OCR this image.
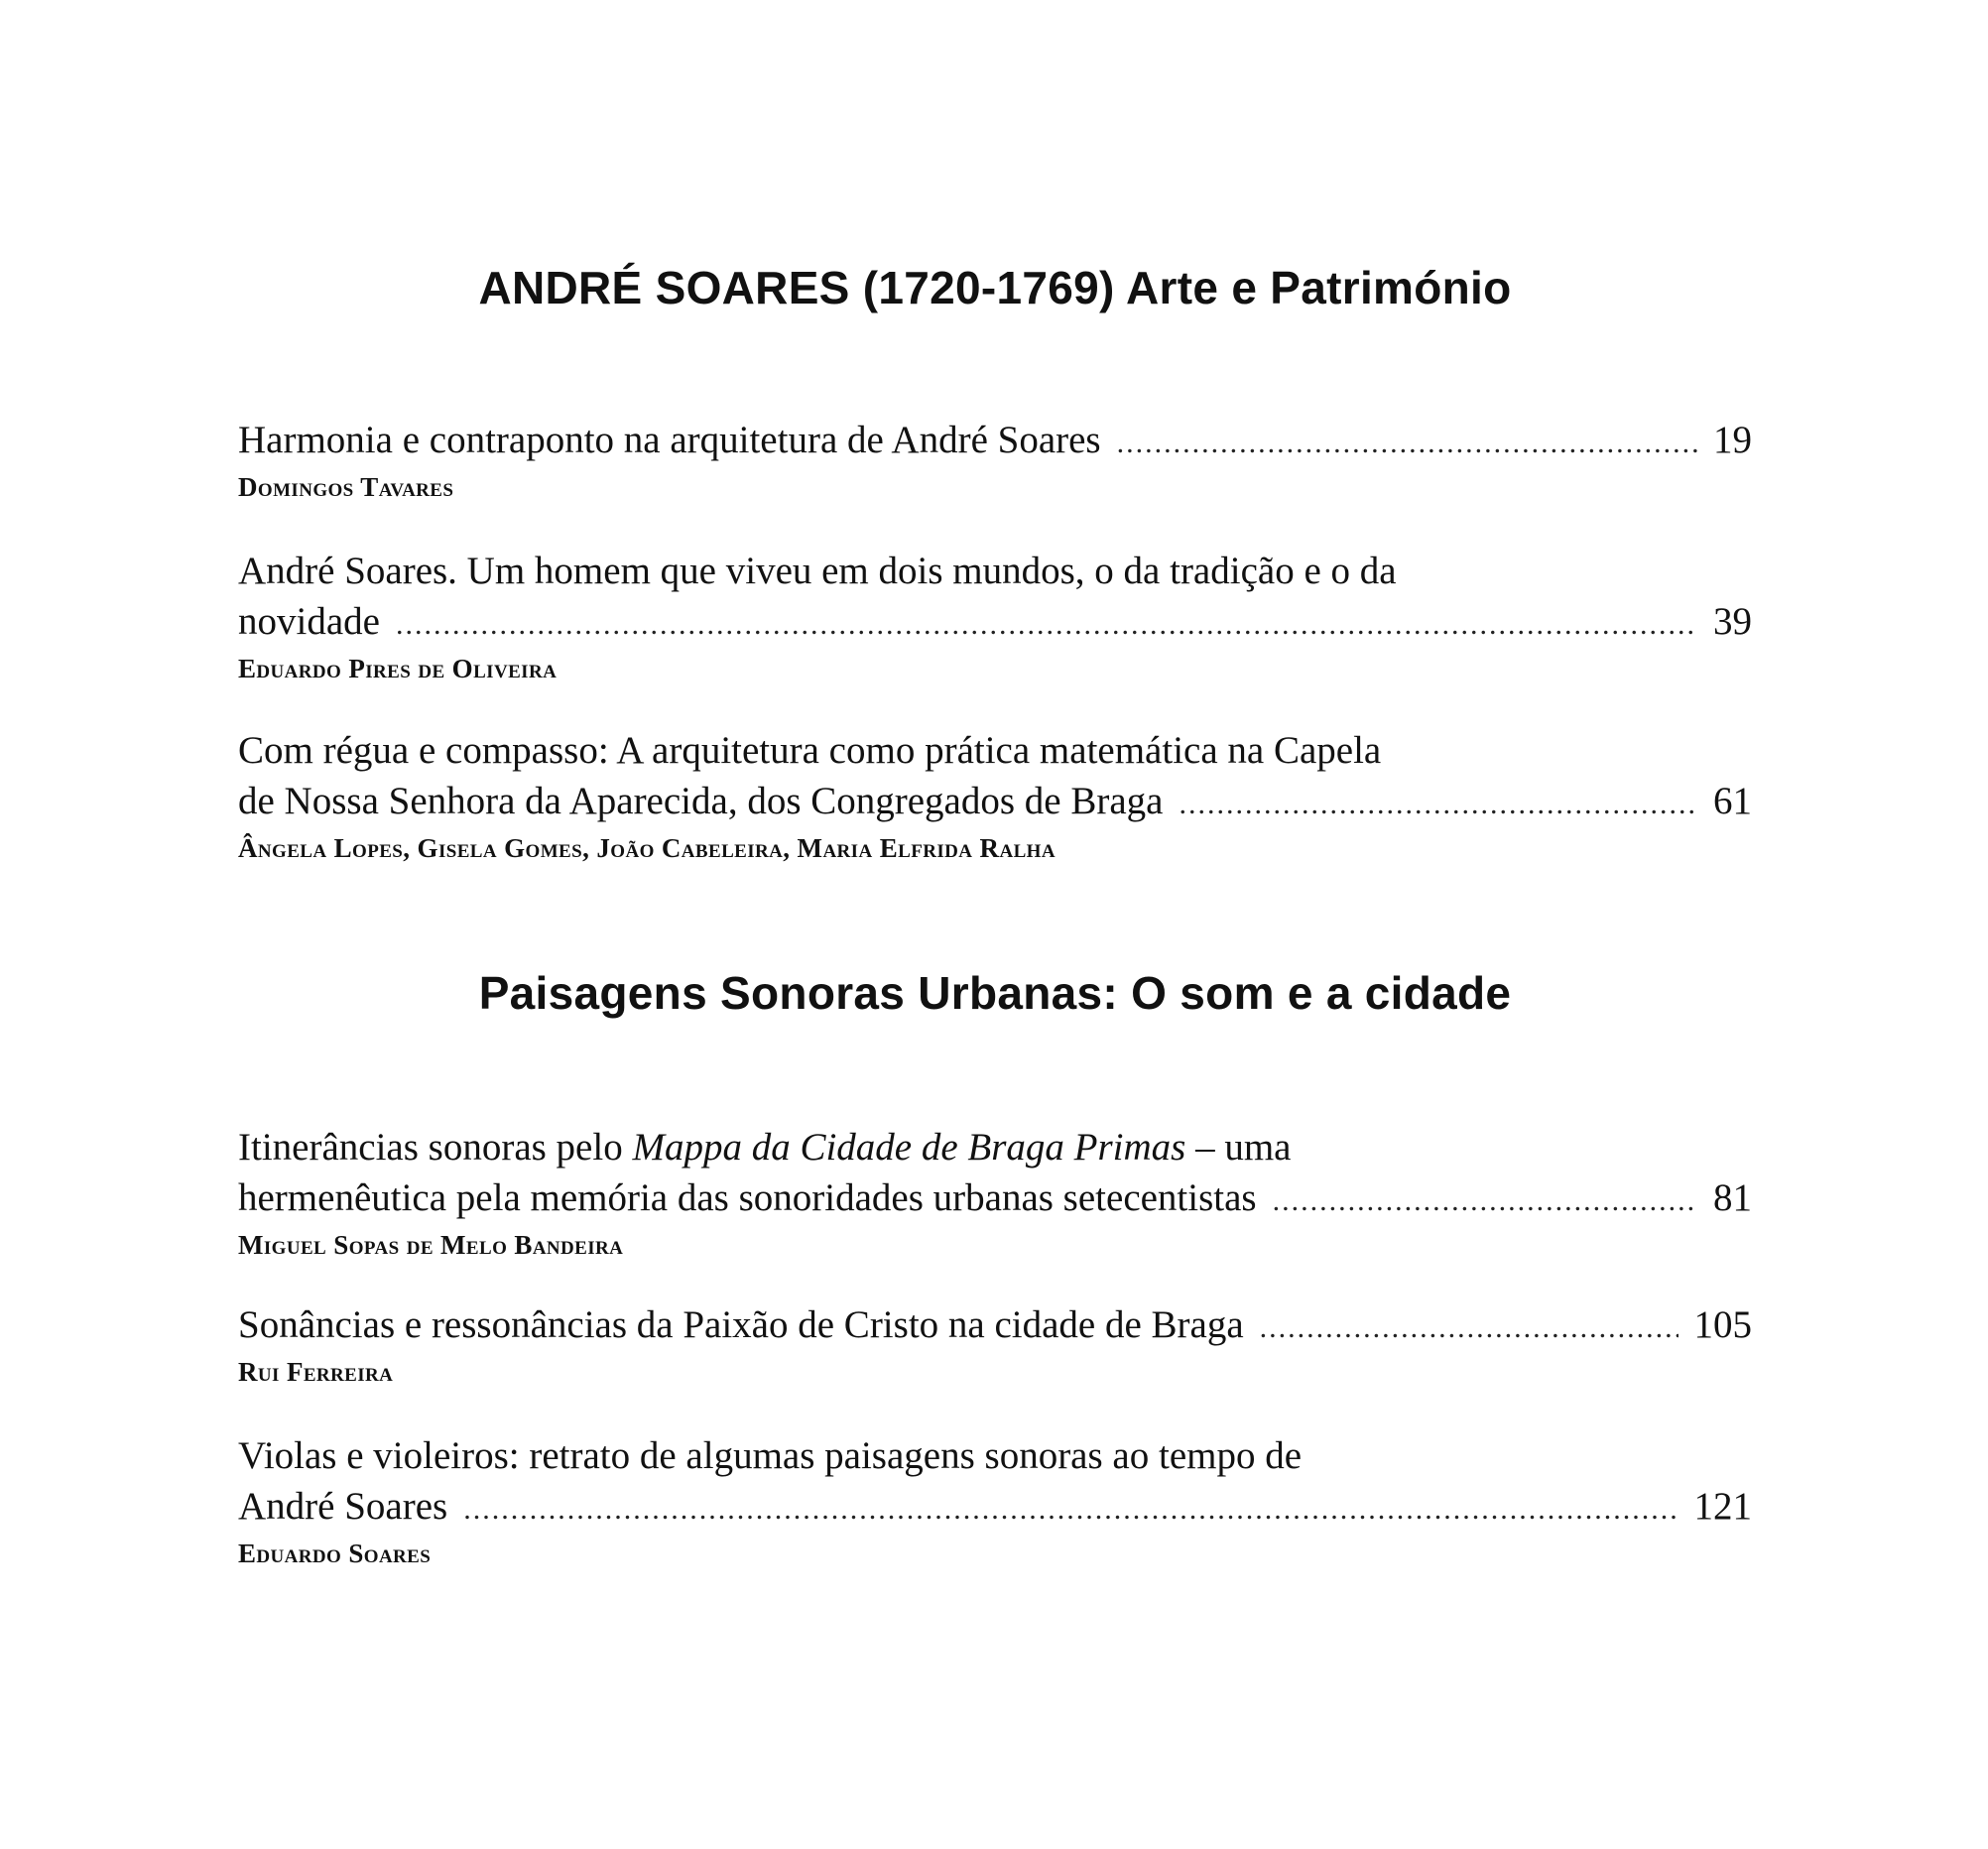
ANDRÉ SOARES (1720-1769) Arte e Património
Harmonia e contraponto na arquitetura de André Soares .....	19
Domingos Tavares
André Soares. Um homem que viveu em dois mundos, o da tradição e o da
novidade .....	39
Eduardo Pires de Oliveira
Com régua e compasso: A arquitetura como prática matemática na Capela
de Nossa Senhora da Aparecida, dos Congregados de Braga .....	61
Ângela Lopes, Gisela Gomes, João Cabeleira, Maria Elfrida Ralha
Paisagens Sonoras Urbanas: O som e a cidade
Itinerâncias sonoras pelo Mappa da Cidade de Braga Primas – uma
hermenêutica pela memória das sonoridades urbanas setecentistas .....	81
Miguel Sopas de Melo Bandeira
Sonâncias e ressonâncias da Paixão de Cristo na cidade de Braga .....	105
Rui Ferreira
Violas e violeiros: retrato de algumas paisagens sonoras ao tempo de
André Soares .....	121
Eduardo Soares
